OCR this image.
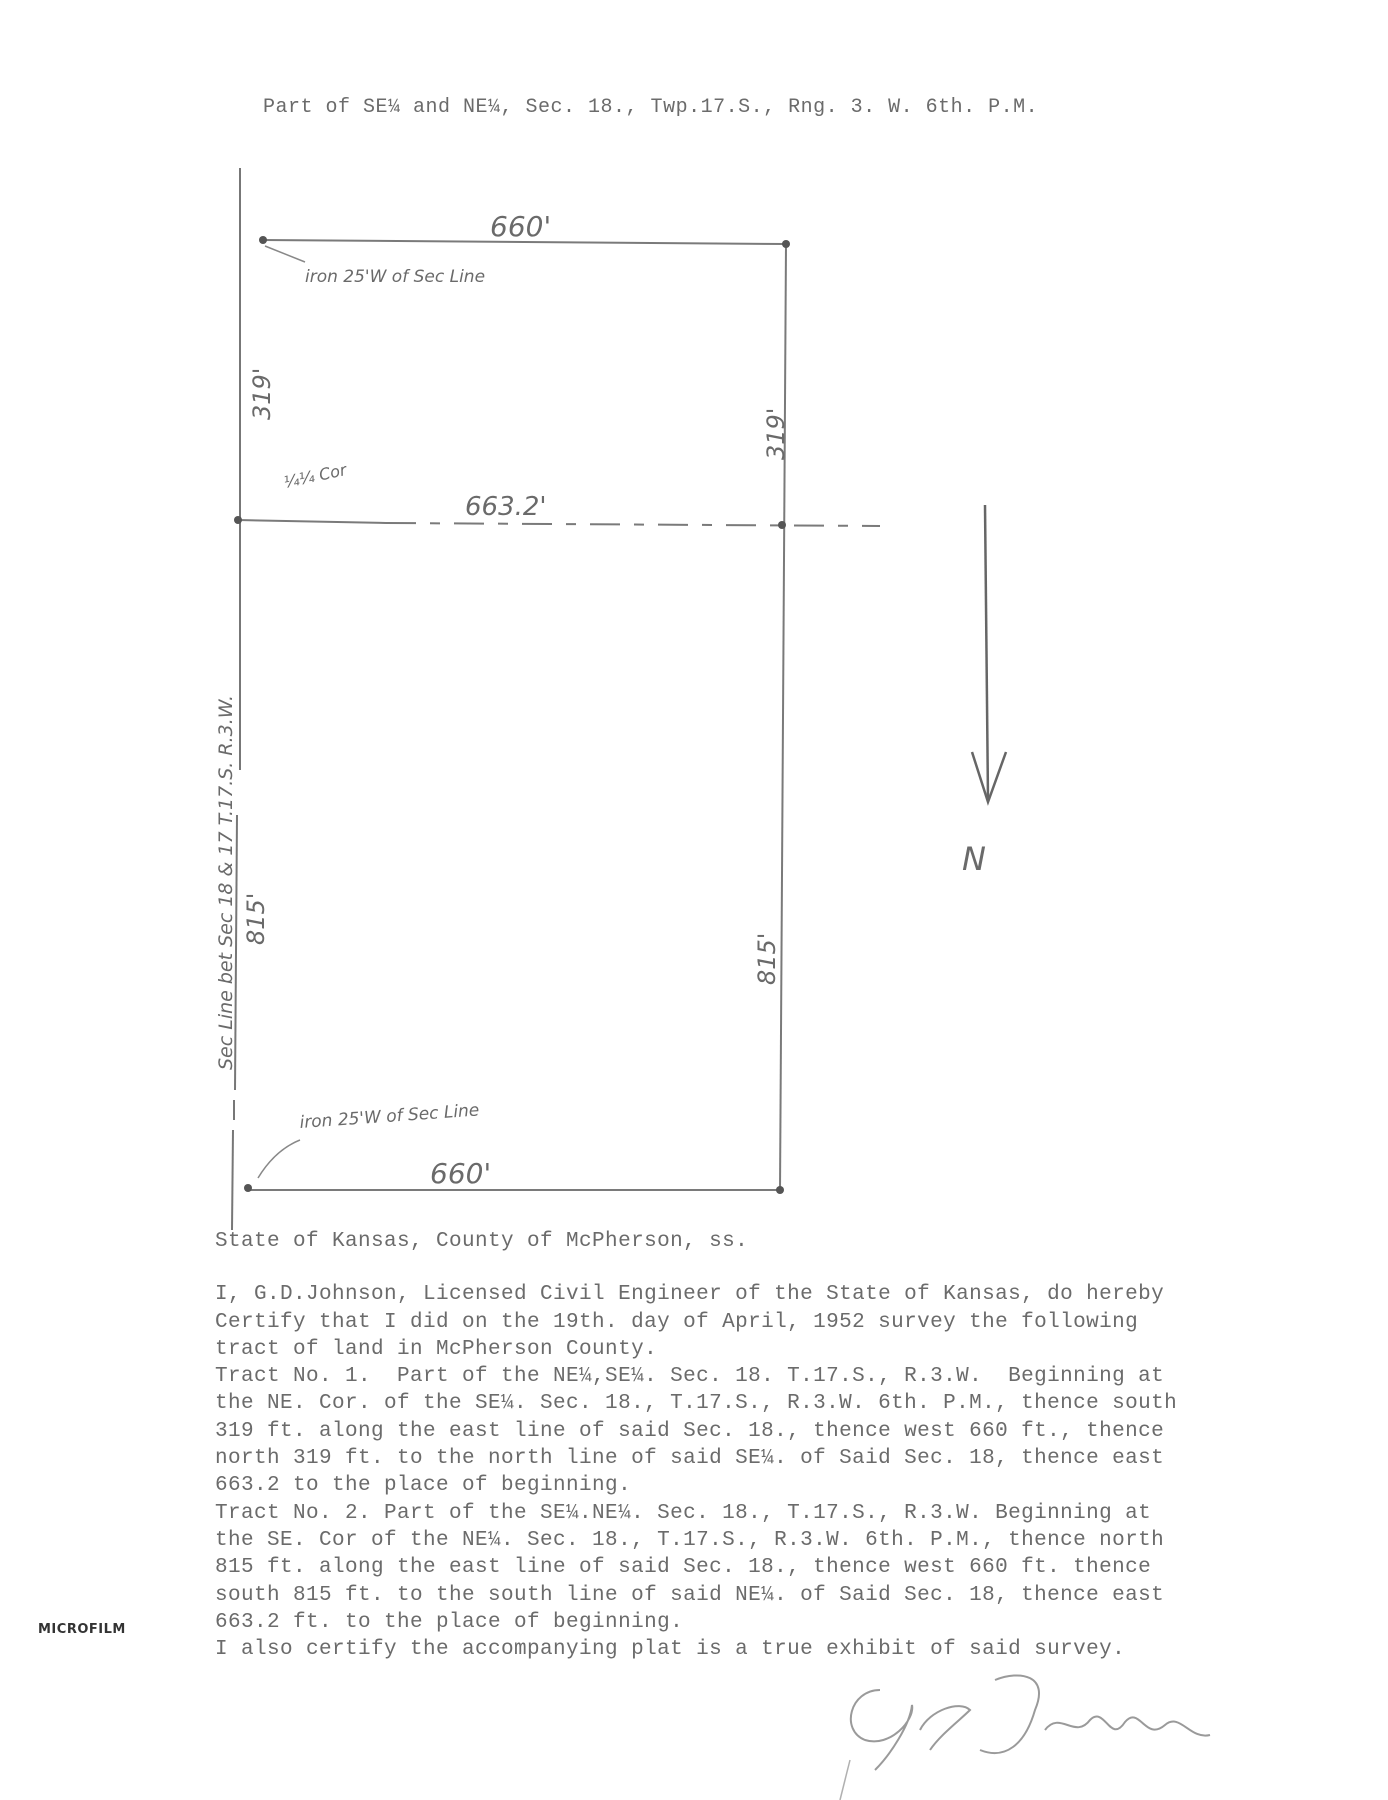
Part of SE¼ and NE¼, Sec. 18., Twp.17.S., Rng. 3. W. 6th. P.M.
660'
iron 25'W of Sec Line
663.2'
¼¼ Cor
660'
iron 25'W of Sec Line
319'
319'
815'
815'
Sec Line bet Sec 18 & 17 T.17.S. R.3.W.	N
State of Kansas, County of McPherson, ss.
I, G.D.Johnson, Licensed Civil Engineer of the State of Kansas, do hereby
Certify that I did on the 19th. day of April, 1952 survey the following
tract of land in McPherson County.
Tract No. 1.  Part of the NE¼,SE¼. Sec. 18. T.17.S., R.3.W.  Beginning at
the NE. Cor. of the SE¼. Sec. 18., T.17.S., R.3.W. 6th. P.M., thence south
319 ft. along the east line of said Sec. 18., thence west 660 ft., thence
north 319 ft. to the north line of said SE¼. of Said Sec. 18, thence east
663.2 to the place of beginning.
Tract No. 2. Part of the SE¼.NE¼. Sec. 18., T.17.S., R.3.W. Beginning at
the SE. Cor of the NE¼. Sec. 18., T.17.S., R.3.W. 6th. P.M., thence north
815 ft. along the east line of said Sec. 18., thence west 660 ft. thence
south 815 ft. to the south line of said NE¼. of Said Sec. 18, thence east
663.2 ft. to the place of beginning.
I also certify the accompanying plat is a true exhibit of said survey.
MICROFILM
